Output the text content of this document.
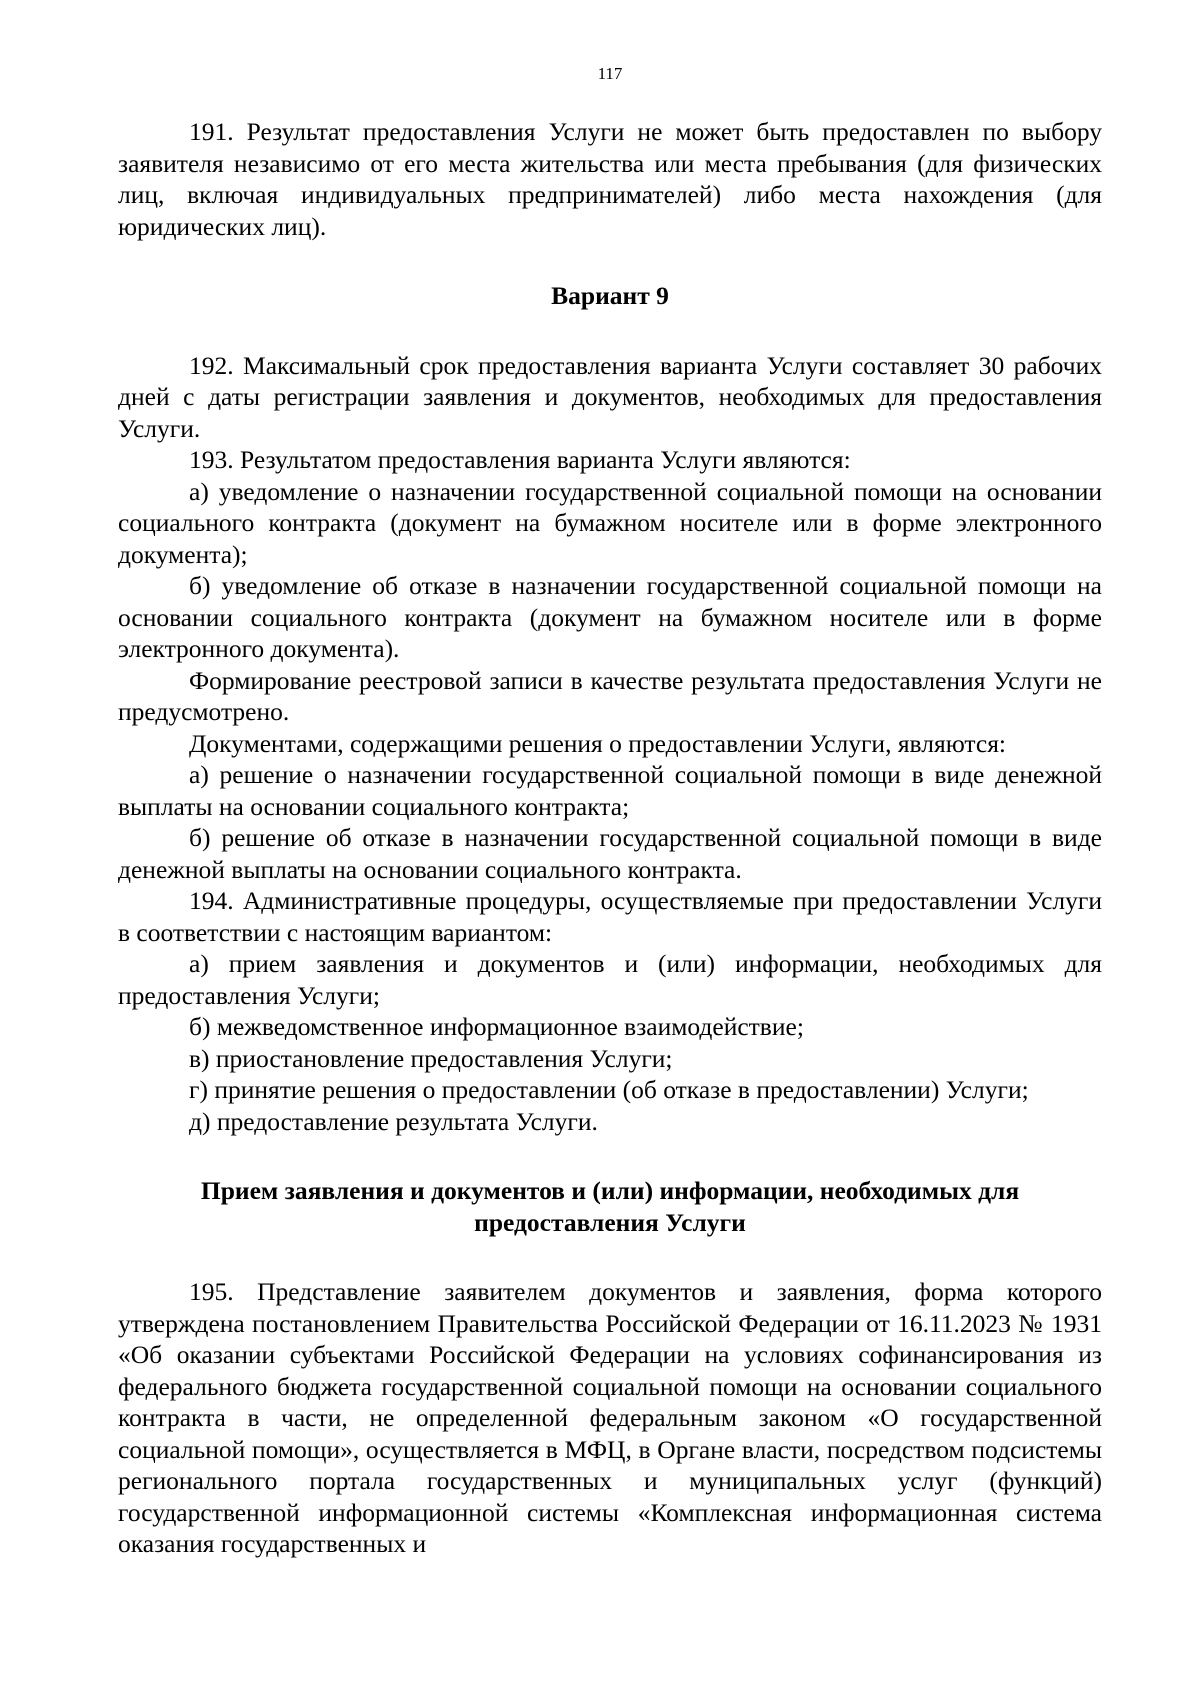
117

191. Результат предоставления Услуги не может быть предоставлен по выбору заявителя независимо от его места жительства или места пребывания (для физических лиц, включая индивидуальных предпринимателей) либо места нахождения (для юридических лиц).

Вариант 9

192. Максимальный срок предоставления варианта Услуги составляет 30 рабочих дней с даты регистрации заявления и документов, необходимых для предоставления Услуги.

193. Результатом предоставления варианта Услуги являются:

а) уведомление о назначении государственной социальной помощи на основании социального контракта (документ на бумажном носителе или в форме электронного документа);

б) уведомление об отказе в назначении государственной социальной помощи на основании социального контракта (документ на бумажном носителе или в форме электронного документа).

Формирование реестровой записи в качестве результата предоставления Услуги не предусмотрено.

Документами, содержащими решения о предоставлении Услуги, являются:

а) решение о назначении государственной социальной помощи в виде денежной выплаты на основании социального контракта;

б) решение об отказе в назначении государственной социальной помощи в виде денежной выплаты на основании социального контракта.

194. Административные процедуры, осуществляемые при предоставлении Услуги в соответствии с настоящим вариантом:

а) прием заявления и документов и (или) информации, необходимых для предоставления Услуги;

б) межведомственное информационное взаимодействие;

в) приостановление предоставления Услуги;

г) принятие решения о предоставлении (об отказе в предоставлении) Услуги;

д) предоставление результата Услуги.

Прием заявления и документов и (или) информации, необходимых для
предоставления Услуги

195. Представление заявителем документов и заявления, форма которого утверждена постановлением Правительства Российской Федерации от 16.11.2023 № 1931 «Об оказании субъектами Российской Федерации на условиях софинансирования из федерального бюджета государственной социальной помощи на основании социального контракта в части, не определенной федеральным законом «О государственной социальной помощи», осуществляется в МФЦ, в Органе власти, посредством подсистемы регионального портала государственных и муниципальных услуг (функций) государственной информационной системы «Комплексная информационная система оказания государственных и
